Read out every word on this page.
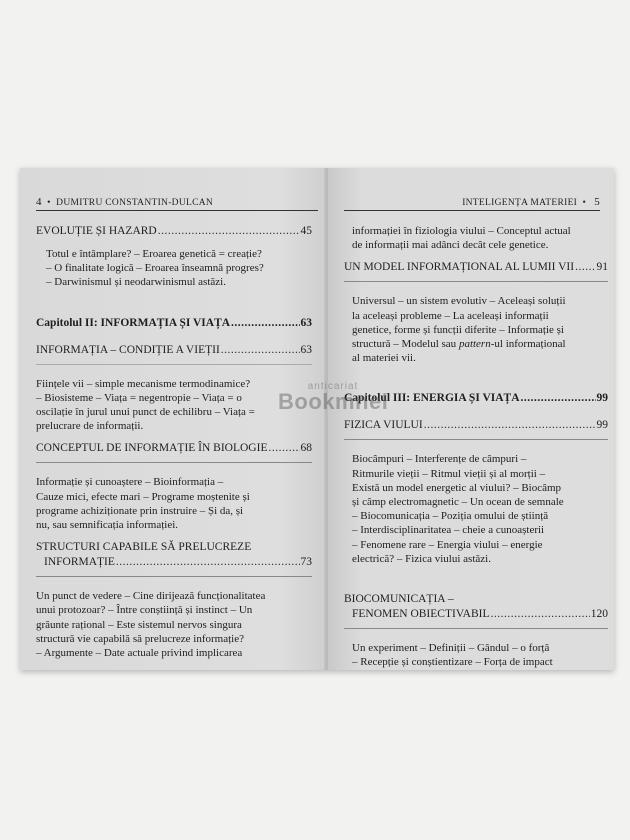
4 • DUMITRU CONSTANTIN-DULCAN
EVOLUȚIE ȘI HAZARD .....	45
Totul e întâmplare? – Eroarea genetică = creație?
– O finalitate logică – Eroarea înseamnă progres?
– Darwinismul și neodarwinismul astăzi.
Capitolul II: INFORMAȚIA ȘI VIAȚA .....	63
INFORMAȚIA – CONDIȚIE A VIEȚII .....	63
Ființele vii – simple mecanisme termodinamice?
– Biosisteme – Viața = negentropie – Viața = o
oscilație în jurul unui punct de echilibru – Viața =
prelucrare de informații.
CONCEPTUL DE INFORMAȚIE ÎN BIOLOGIE .....	68
Informație și cunoaștere – Bioinformația –
Cauze mici, efecte mari – Programe moștenite și
programe achiziționate prin instruire – Și da, și
nu, sau semnificația informației.
STRUCTURI CAPABILE SĂ PRELUCREZE
INFORMAȚIE .....	73
Un punct de vedere – Cine dirijează funcționalitatea
unui protozoar? – Între conștiință și instinct – Un
grăunte rațional – Este sistemul nervos singura
structură vie capabilă să prelucreze informație?
– Argumente – Date actuale privind implicarea
INTELIGENȚA MATERIEI • 5
informației în fiziologia viului – Conceptul actual
de informații mai adânci decât cele genetice.
UN MODEL INFORMAȚIONAL AL LUMII VII ..... 91
Universul – un sistem evolutiv – Aceleași soluții
la aceleași probleme – La aceleași informații
genetice, forme și funcții diferite – Informație și
structură – Modelul sau pattern-ul informațional
al materiei vii.
Capitolul III: ENERGIA ȘI VIAȚA .....	99
FIZICA VIULUI .....	99
Biocâmpuri – Interferențe de câmpuri –
Ritmurile vieții – Ritmul vieții și al morții –
Există un model energetic al viului? – Biocâmp
și câmp electromagnetic – Un ocean de semnale
– Biocomunicația – Poziția omului de știință
– Interdisciplinaritatea – cheie a cunoașterii
– Fenomene rare – Energia viului – energie
electrică? – Fizica viului astăzi.
BIOCOMUNICAȚIA –
FENOMEN OBIECTIVABIL .....	120
Un experiment – Definiții – Gândul – o forță
– Recepție și conștientizare – Forța de impact
anticariat
Bookmnel
